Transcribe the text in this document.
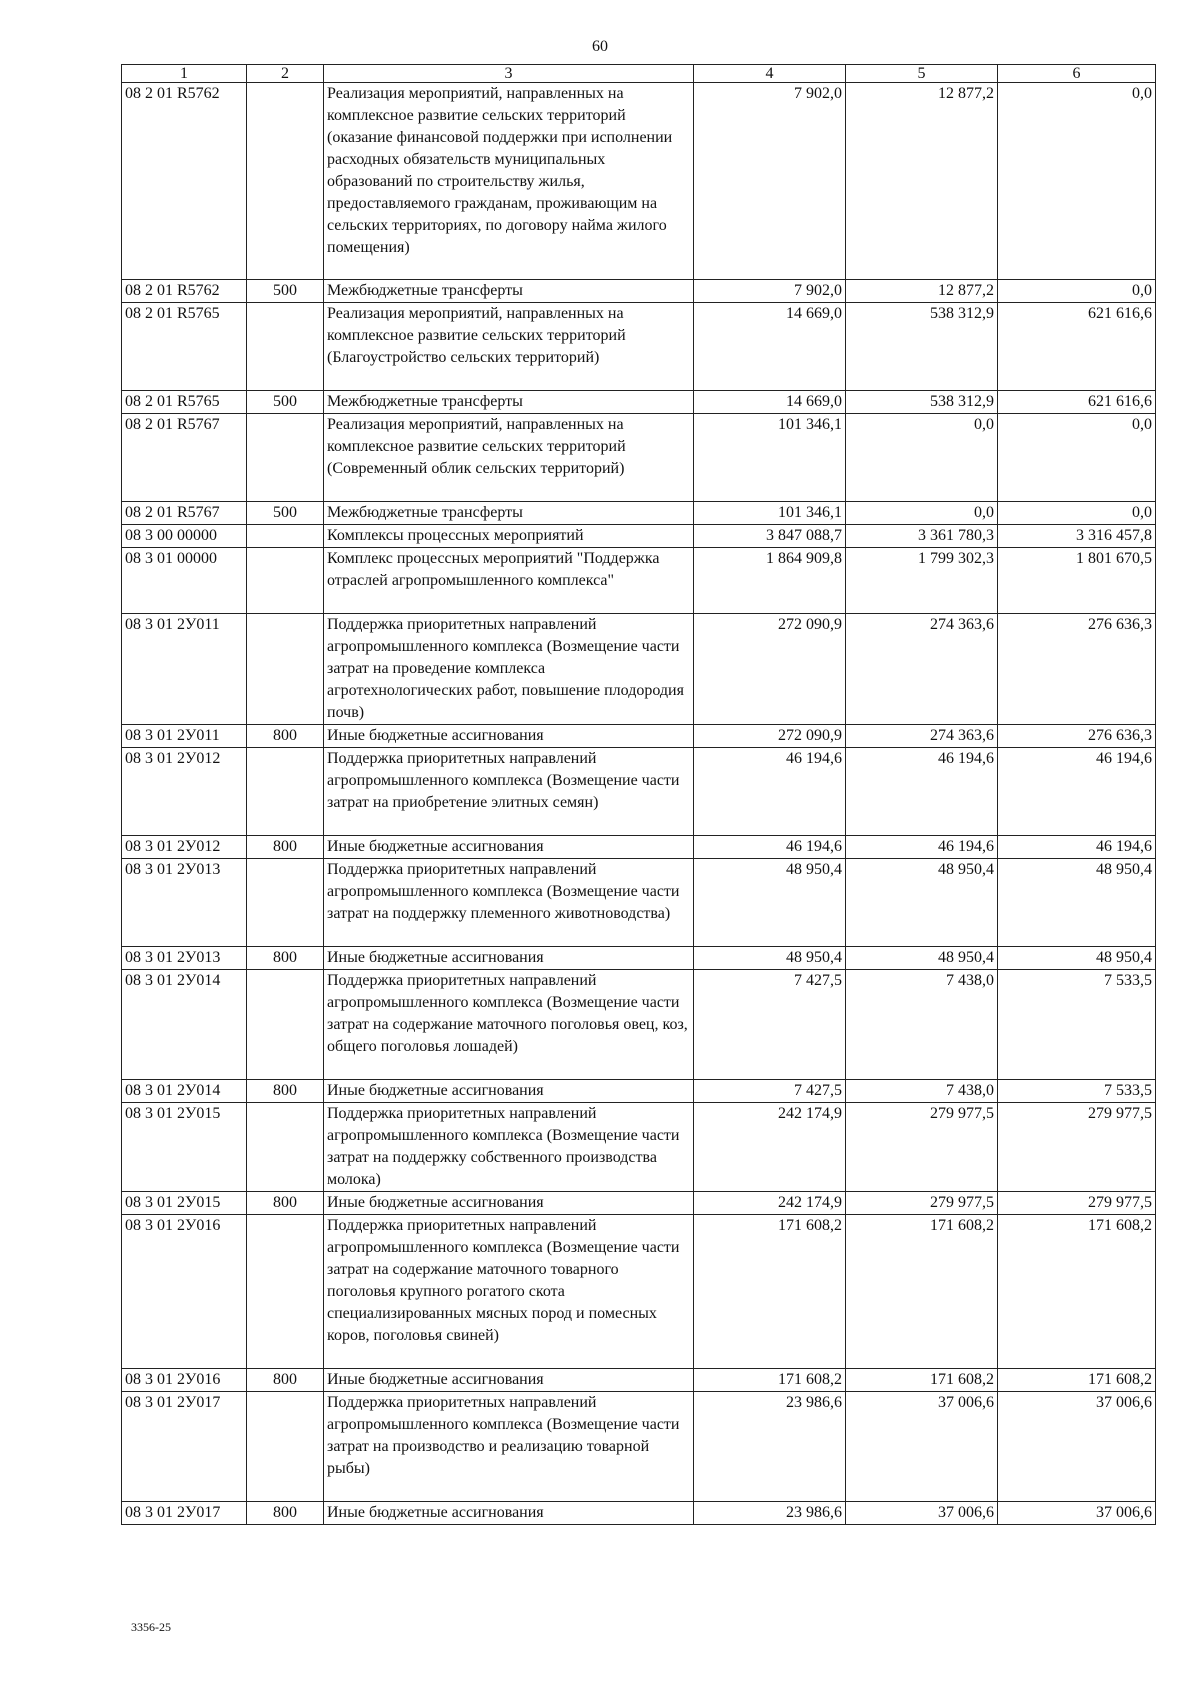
60
1	2	3	4	5	6
08 2 01 R5762		Реализация мероприятий, направленных на комплексное развитие сельских территорий (оказание финансовой поддержки при исполнении расходных обязательств муниципальных образований по строительству жилья, предоставляемого гражданам, проживающим на сельских территориях, по договору найма жилого помещения)	7 902,0	12 877,2	0,0
08 2 01 R5762	500	Межбюджетные трансферты	7 902,0	12 877,2	0,0
08 2 01 R5765		Реализация мероприятий, направленных на комплексное развитие сельских территорий (Благоустройство сельских территорий)	14 669,0	538 312,9	621 616,6
08 2 01 R5765	500	Межбюджетные трансферты	14 669,0	538 312,9	621 616,6
08 2 01 R5767		Реализация мероприятий, направленных на комплексное развитие сельских территорий (Современный облик сельских территорий)	101 346,1	0,0	0,0
08 2 01 R5767	500	Межбюджетные трансферты	101 346,1	0,0	0,0
08 3 00 00000		Комплексы процессных мероприятий	3 847 088,7	3 361 780,3	3 316 457,8
08 3 01 00000		Комплекс процессных мероприятий "Поддержка отраслей агропромышленного комплекса"	1 864 909,8	1 799 302,3	1 801 670,5
08 3 01 2У011		Поддержка приоритетных направлений агропромышленного комплекса (Возмещение части затрат на проведение комплекса агротехнологических работ, повышение плодородия почв)	272 090,9	274 363,6	276 636,3
08 3 01 2У011	800	Иные бюджетные ассигнования	272 090,9	274 363,6	276 636,3
08 3 01 2У012		Поддержка приоритетных направлений агропромышленного комплекса (Возмещение части затрат на приобретение элитных семян)	46 194,6	46 194,6	46 194,6
08 3 01 2У012	800	Иные бюджетные ассигнования	46 194,6	46 194,6	46 194,6
08 3 01 2У013		Поддержка приоритетных направлений агропромышленного комплекса (Возмещение части затрат на поддержку племенного животноводства)	48 950,4	48 950,4	48 950,4
08 3 01 2У013	800	Иные бюджетные ассигнования	48 950,4	48 950,4	48 950,4
08 3 01 2У014		Поддержка приоритетных направлений агропромышленного комплекса (Возмещение части затрат на содержание маточного поголовья овец, коз, общего поголовья лошадей)	7 427,5	7 438,0	7 533,5
08 3 01 2У014	800	Иные бюджетные ассигнования	7 427,5	7 438,0	7 533,5
08 3 01 2У015		Поддержка приоритетных направлений агропромышленного комплекса (Возмещение части затрат на поддержку собственного производства молока)	242 174,9	279 977,5	279 977,5
08 3 01 2У015	800	Иные бюджетные ассигнования	242 174,9	279 977,5	279 977,5
08 3 01 2У016		Поддержка приоритетных направлений агропромышленного комплекса (Возмещение части затрат на содержание маточного товарного поголовья крупного рогатого скота специализированных мясных пород и помесных коров, поголовья свиней)	171 608,2	171 608,2	171 608,2
08 3 01 2У016	800	Иные бюджетные ассигнования	171 608,2	171 608,2	171 608,2
08 3 01 2У017		Поддержка приоритетных направлений агропромышленного комплекса (Возмещение части затрат на производство и реализацию товарной рыбы)	23 986,6	37 006,6	37 006,6
08 3 01 2У017	800	Иные бюджетные ассигнования	23 986,6	37 006,6	37 006,6
3356-25
